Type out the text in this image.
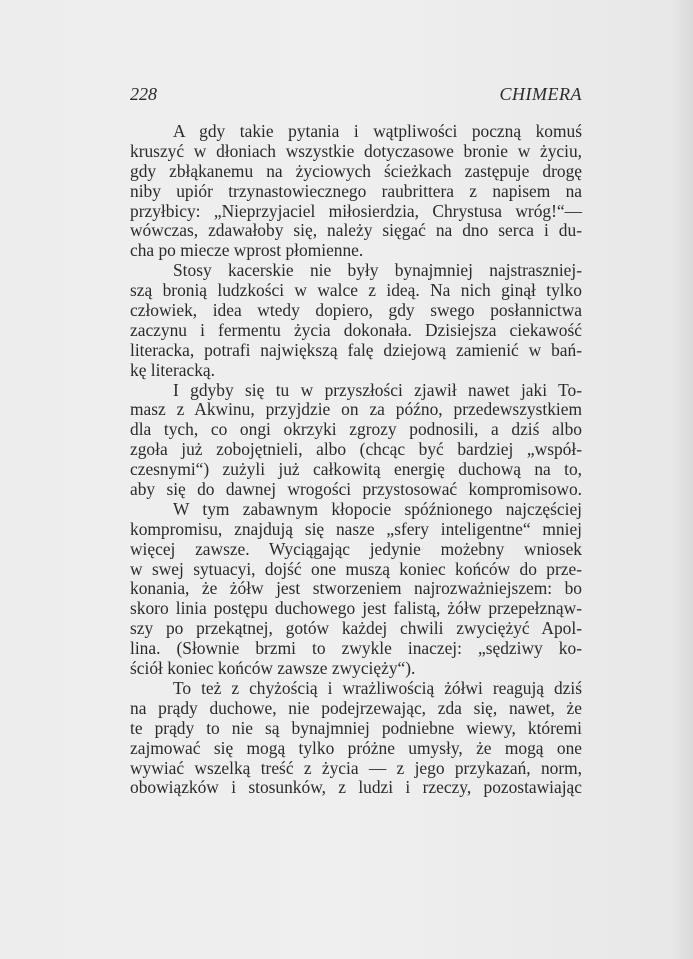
228	CHIMERA
A gdy takie pytania i wątpliwości poczną komuś
kruszyć w dłoniach wszystkie dotyczasowe bronie w życiu,
gdy zbłąkanemu na życiowych ścieżkach zastępuje drogę
niby upiór trzynastowiecznego raubrittera z napisem na
przyłbicy: „Nieprzyjaciel miłosierdzia, Chrystusa wróg!“—
wówczas, zdawałoby się, należy sięgać na dno serca i du-
cha po miecze wprost płomienne.
Stosy kacerskie nie były bynajmniej najstraszniej-
szą bronią ludzkości w walce z ideą. Na nich ginął tylko
człowiek, idea wtedy dopiero, gdy swego posłannictwa
zaczynu i fermentu życia dokonała. Dzisiejsza ciekawość
literacka, potrafi największą falę dziejową zamienić w bań-
kę literacką.
I gdyby się tu w przyszłości zjawił nawet jaki To-
masz z Akwinu, przyjdzie on za późno, przedewszystkiem
dla tych, co ongi okrzyki zgrozy podnosili, a dziś albo
zgoła już zobojętnieli, albo (chcąc być bardziej „współ-
czesnymi“) zużyli już całkowitą energię duchową na to,
aby się do dawnej wrogości przystosować kompromisowo.
W tym zabawnym kłopocie spóźnionego najczęściej
kompromisu, znajdują się nasze „sfery inteligentne“ mniej
więcej zawsze. Wyciągając jedynie możebny wniosek
w swej sytuacyi, dojść one muszą koniec końców do prze-
konania, że żółw jest stworzeniem najrozważniejszem: bo
skoro linia postępu duchowego jest falistą, żółw przepełznąw-
szy po przekątnej, gotów każdej chwili zwyciężyć Apol-
lina. (Słownie brzmi to zwykle inaczej: „sędziwy ko-
ściół koniec końców zawsze zwycięży“).
To też z chyżością i wrażliwością żółwi reagują dziś
na prądy duchowe, nie podejrzewając, zda się, nawet, że
te prądy to nie są bynajmniej podniebne wiewy, któremi
zajmować się mogą tylko próżne umysły, że mogą one
wywiać wszelką treść z życia — z jego przykazań, norm,
obowiązków i stosunków, z ludzi i rzeczy, pozostawiając
